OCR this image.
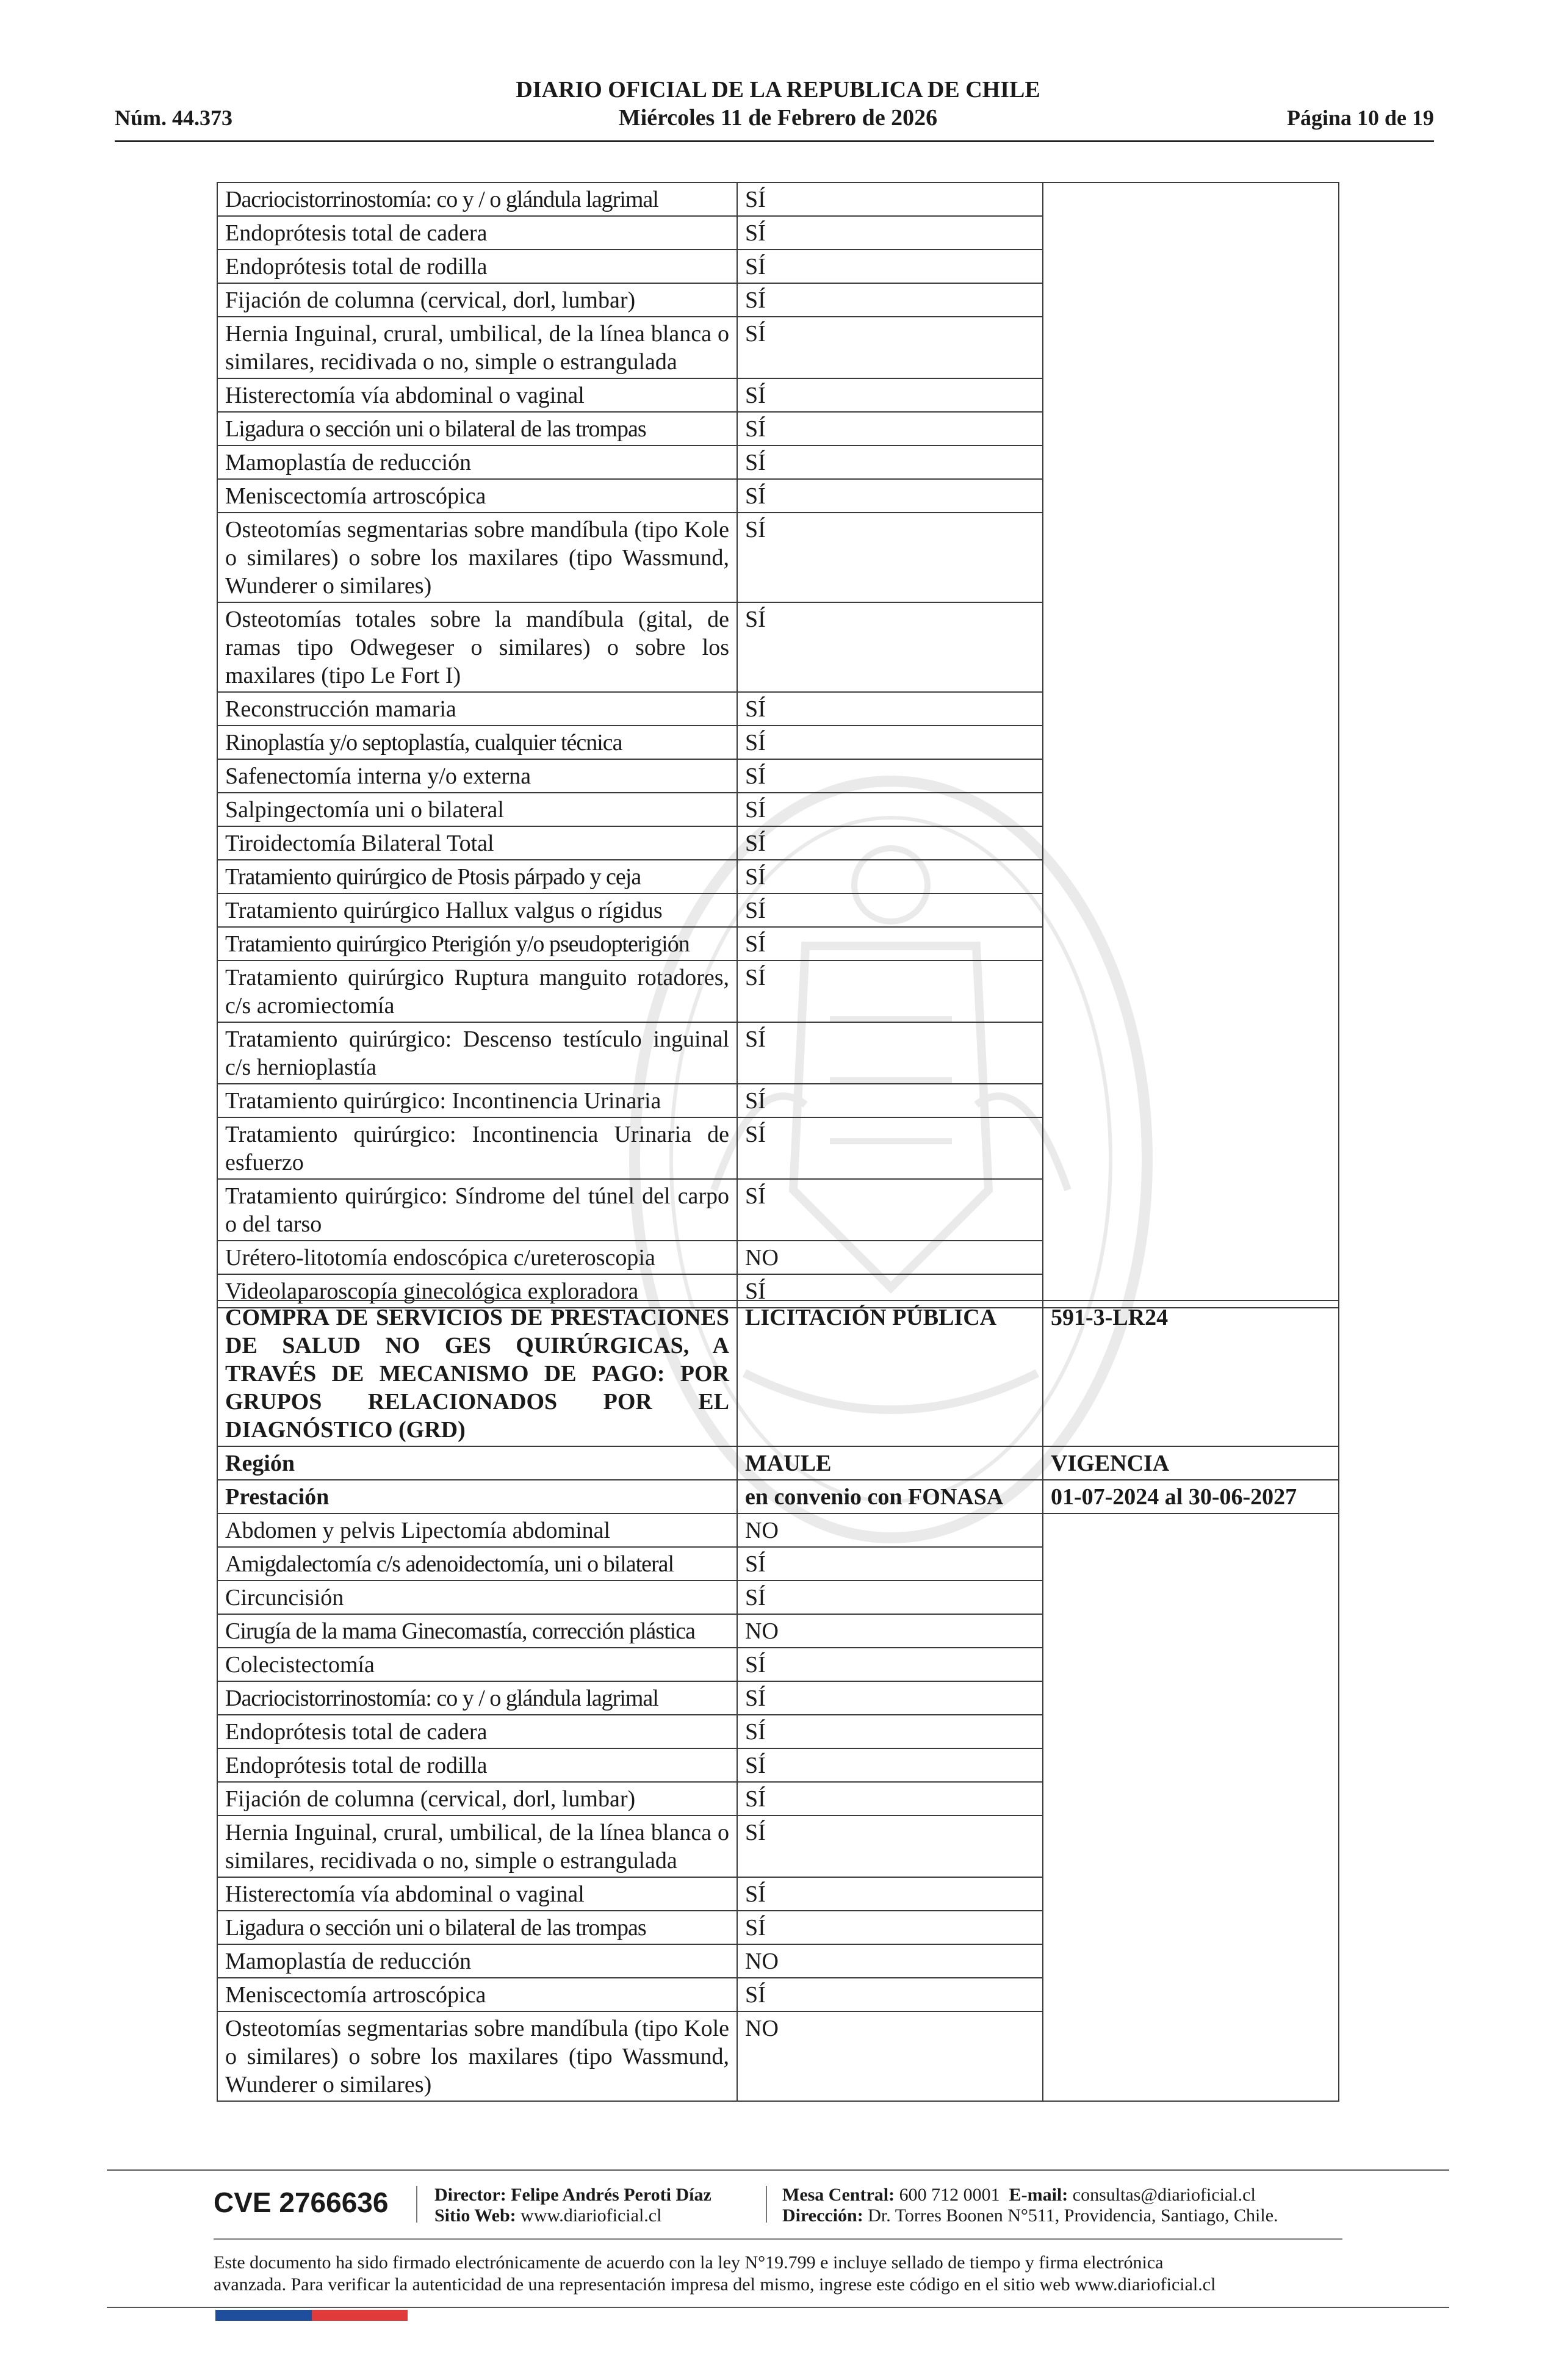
Núm. 44.373
DIARIO OFICIAL DE LA REPUBLICA DE CHILE
Miércoles 11 de Febrero de 2026	Página 10 de 19
Dacriocistorrinostomía: co y / o glándula lagrimal	SÍ	
Endoprótesis total de cadera	SÍ	
Endoprótesis total de rodilla	SÍ	
Fijación de columna (cervical, dorl, lumbar)	SÍ	
Hernia Inguinal, crural, umbilical, de la línea blanca o similares, recidivada o no, simple o estrangulada	SÍ	
Histerectomía vía abdominal o vaginal	SÍ	
Ligadura o sección uni o bilateral de las trompas	SÍ	
Mamoplastía de reducción	SÍ	
Meniscectomía artroscópica	SÍ	
Osteotomías segmentarias sobre mandíbula (tipo Kole o similares) o sobre los maxilares (tipo Wassmund, Wunderer o similares)	SÍ	
Osteotomías totales sobre la mandíbula (gital, de ramas tipo Odwegeser o similares) o sobre los maxilares (tipo Le Fort I)	SÍ	
Reconstrucción mamaria	SÍ	
Rinoplastía y/o septoplastía, cualquier técnica	SÍ	
Safenectomía interna y/o externa	SÍ	
Salpingectomía uni o bilateral	SÍ	
Tiroidectomía Bilateral Total	SÍ	
Tratamiento quirúrgico de Ptosis párpado y ceja	SÍ	
Tratamiento quirúrgico Hallux valgus o rígidus	SÍ	
Tratamiento quirúrgico Pterigión y/o pseudopterigión	SÍ	
Tratamiento quirúrgico Ruptura manguito rotadores, c/s acromiectomía	SÍ	
Tratamiento quirúrgico: Descenso testículo inguinal c/s hernioplastía	SÍ	
Tratamiento quirúrgico: Incontinencia Urinaria	SÍ	
Tratamiento quirúrgico: Incontinencia Urinaria de esfuerzo	SÍ	
Tratamiento quirúrgico: Síndrome del túnel del carpo o del tarso	SÍ	
Urétero-litotomía endoscópica c/ureteroscopia	NO	
Videolaparoscopía ginecológica exploradora	SÍ	
COMPRA DE SERVICIOS DE PRESTACIONES DE SALUD NO GES QUIRÚRGICAS, A TRAVÉS DE MECANISMO DE PAGO: POR GRUPOS RELACIONADOS POR EL DIAGNÓSTICO (GRD)	LICITACIÓN PÚBLICA	591-3-LR24
Región	MAULE	VIGENCIA
Prestación	en convenio con FONASA	01-07-2024 al 30-06-2027
Abdomen y pelvis Lipectomía abdominal	NO	
Amigdalectomía c/s adenoidectomía, uni o bilateral	SÍ	
Circuncisión	SÍ	
Cirugía de la mama Ginecomastía, corrección plástica	NO	
Colecistectomía	SÍ	
Dacriocistorrinostomía: co y / o glándula lagrimal	SÍ	
Endoprótesis total de cadera	SÍ	
Endoprótesis total de rodilla	SÍ	
Fijación de columna (cervical, dorl, lumbar)	SÍ	
Hernia Inguinal, crural, umbilical, de la línea blanca o similares, recidivada o no, simple o estrangulada	SÍ	
Histerectomía vía abdominal o vaginal	SÍ	
Ligadura o sección uni o bilateral de las trompas	SÍ	
Mamoplastía de reducción	NO	
Meniscectomía artroscópica	SÍ	
Osteotomías segmentarias sobre mandíbula (tipo Kole o similares) o sobre los maxilares (tipo Wassmund, Wunderer o similares)	NO	
CVE 2766636	Director: Felipe Andrés Peroti Díaz
Sitio Web: www.diarioficial.cl
Mesa Central: 600 712 0001 E-mail: consultas@diarioficial.cl
Dirección: Dr. Torres Boonen N°511, Providencia, Santiago, Chile.
Este documento ha sido firmado electrónicamente de acuerdo con la ley N°19.799 e incluye sellado de tiempo y firma electrónica
avanzada. Para verificar la autenticidad de una representación impresa del mismo, ingrese este código en el sitio web www.diarioficial.cl
